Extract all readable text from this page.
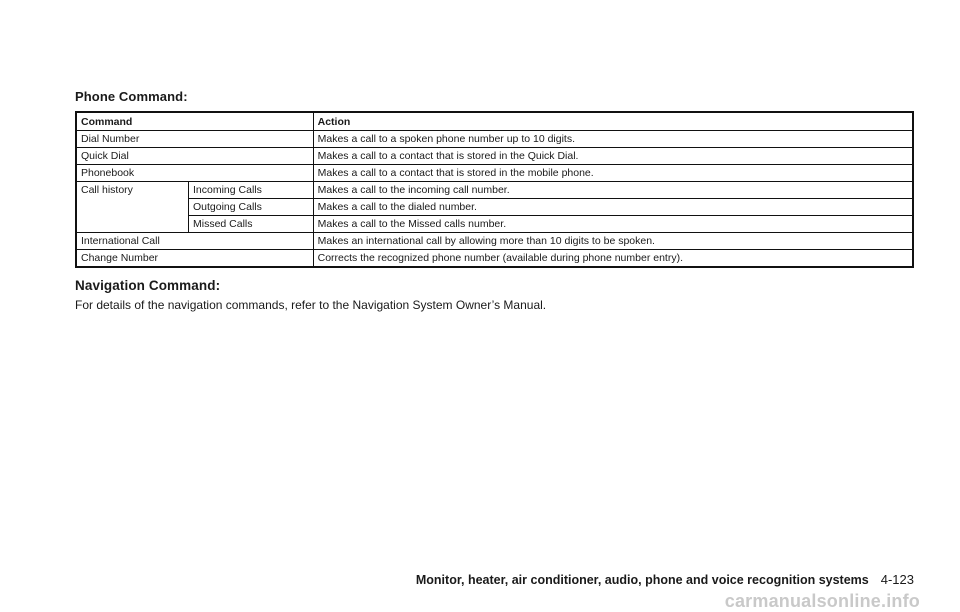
Phone Command:
Command		Action
Dial Number		Makes a call to a spoken phone number up to 10 digits.
Quick Dial		Makes a call to a contact that is stored in the Quick Dial.
Phonebook		Makes a call to a contact that is stored in the mobile phone.
Call history	Incoming Calls	Makes a call to the incoming call number.
	Outgoing Calls	Makes a call to the dialed number.
	Missed Calls	Makes a call to the Missed calls number.
International Call		Makes an international call by allowing more than 10 digits to be spoken.
Change Number		Corrects the recognized phone number (available during phone number entry).
Navigation Command:

For details of the navigation commands, refer to the Navigation System Owner’s Manual.

Monitor, heater, air conditioner, audio, phone and voice recognition systems 4-123
carmanualsonline.info
